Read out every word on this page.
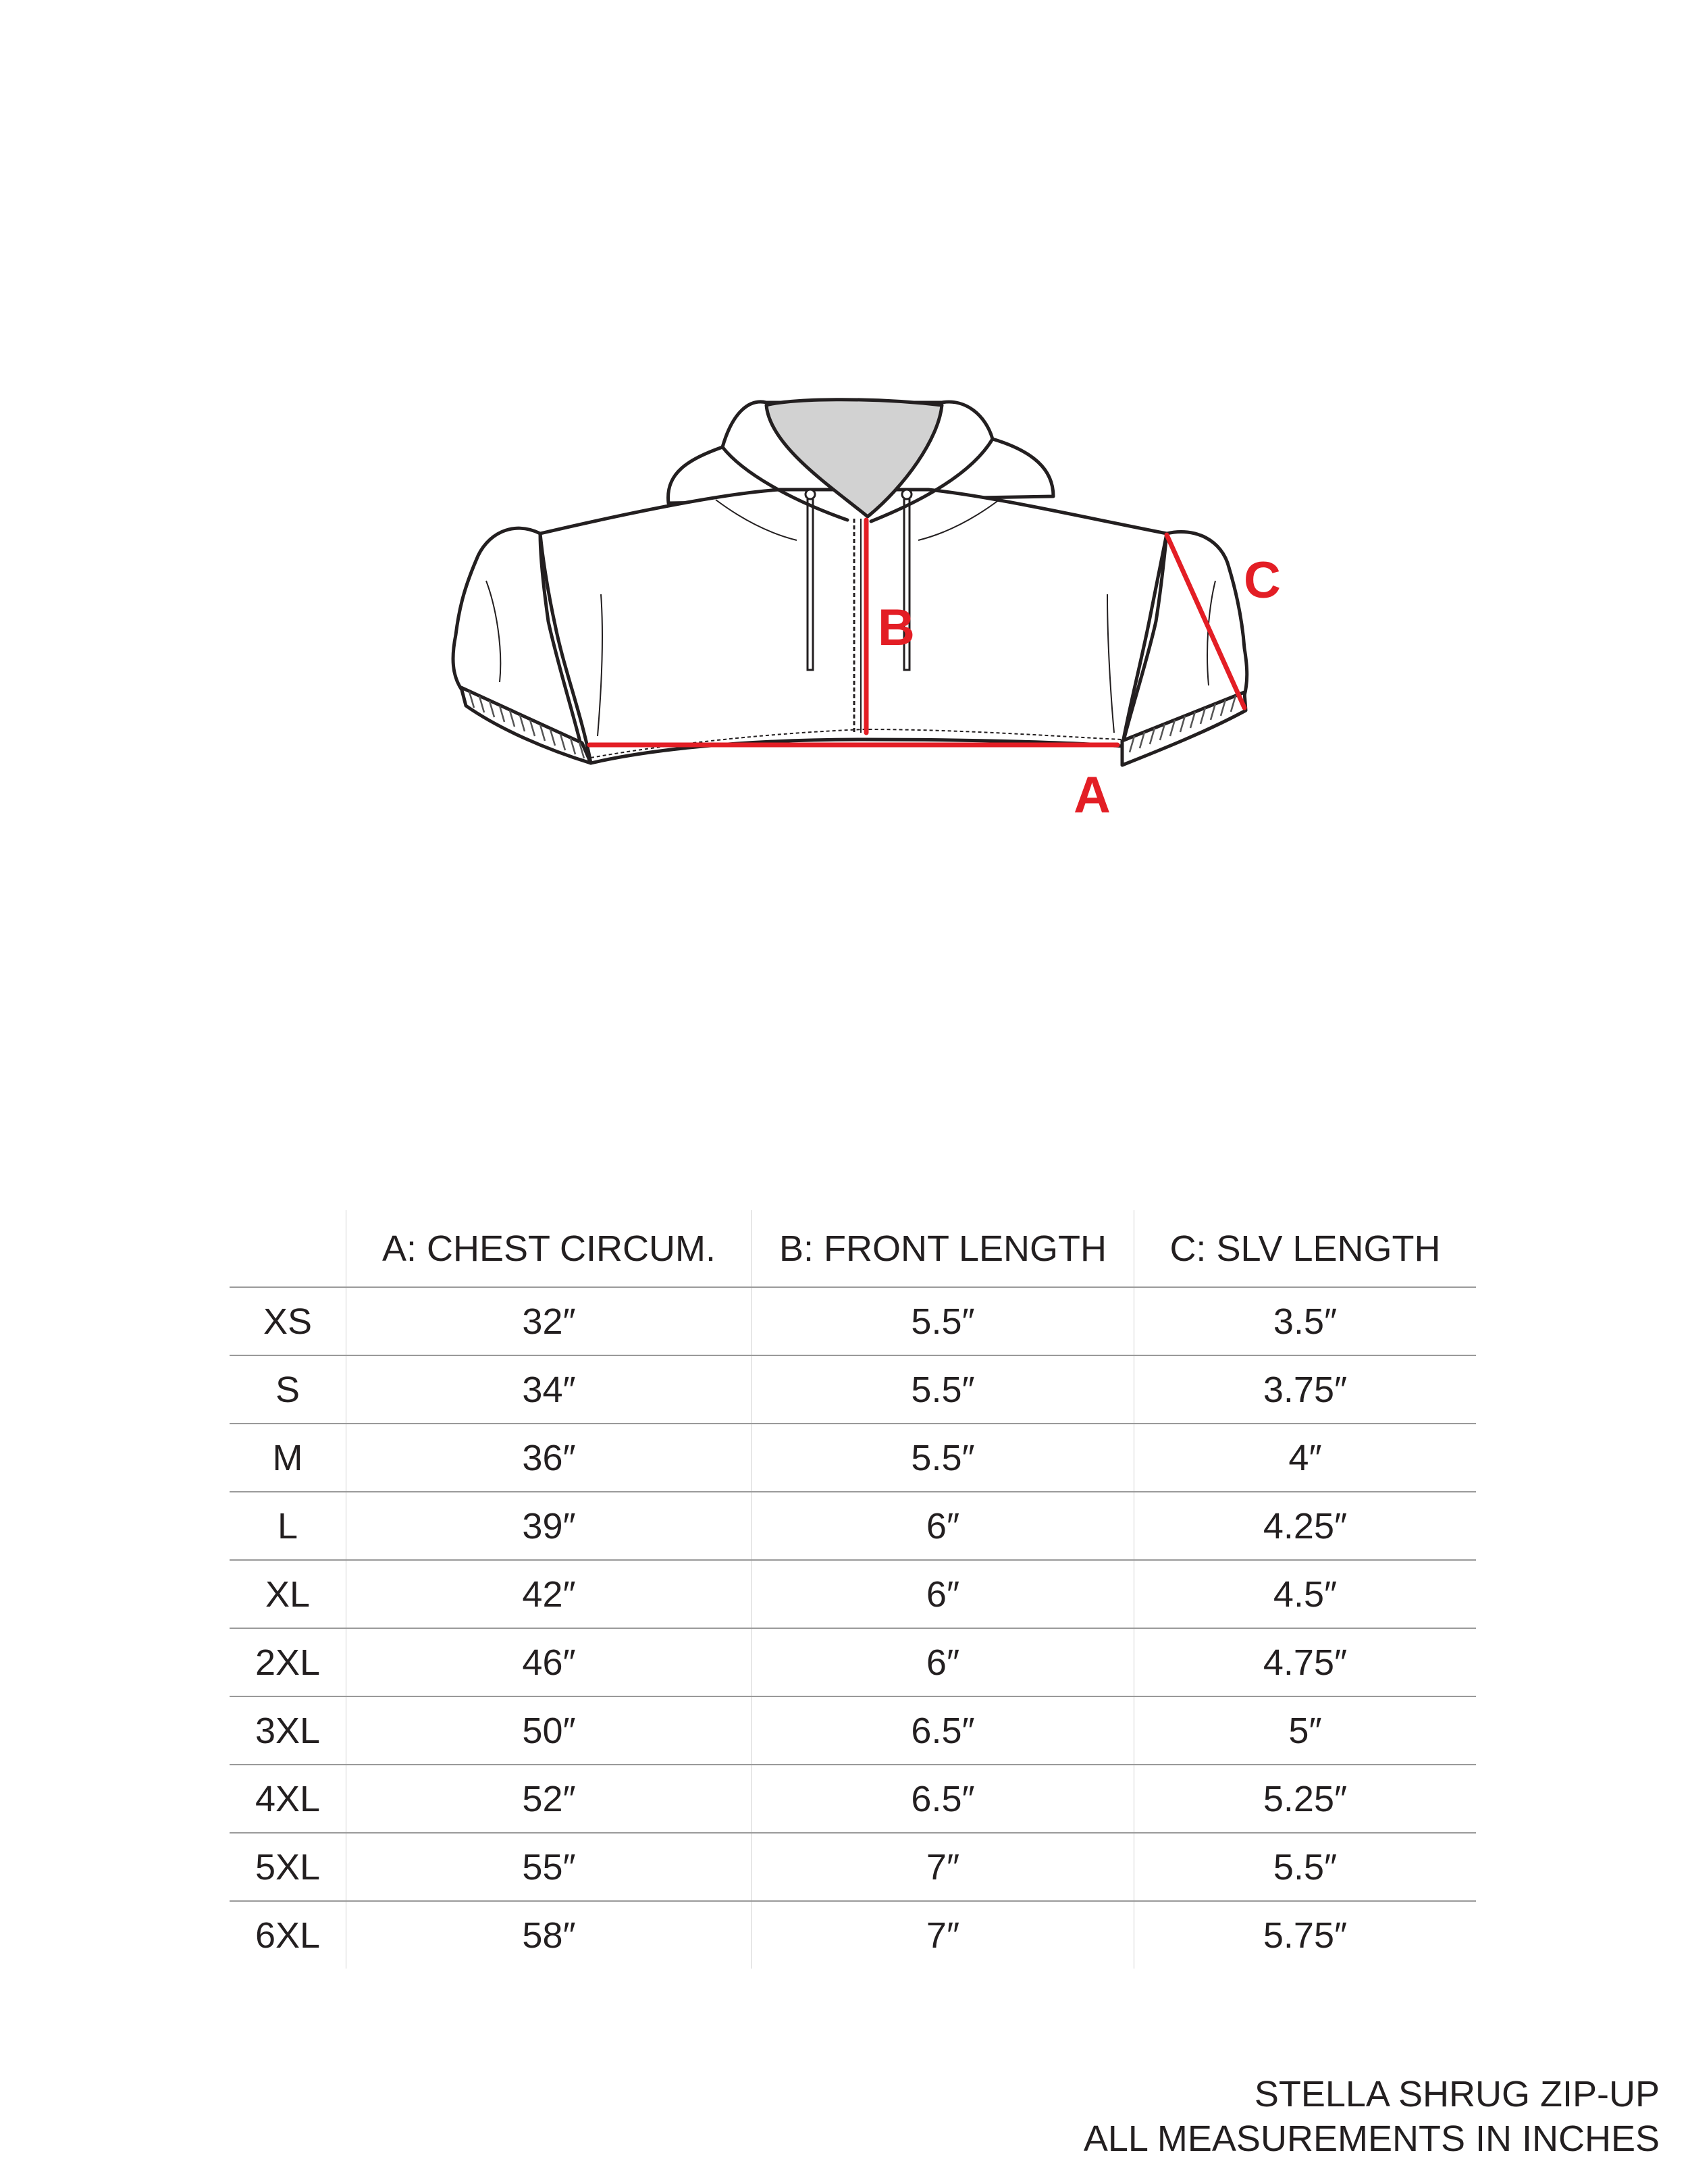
A
B
C
	A: CHEST CIRCUM.	B: FRONT LENGTH	C: SLV LENGTH
XS	32″	5.5″	3.5″
S	34″	5.5″	3.75″
M	36″	5.5″	4″
L	39″	6″	4.25″
XL	42″	6″	4.5″
2XL	46″	6″	4.75″
3XL	50″	6.5″	5″
4XL	52″	6.5″	5.25″
5XL	55″	7″	5.5″
6XL	58″	7″	5.75″
STELLA SHRUG ZIP-UP
ALL MEASUREMENTS IN INCHES
